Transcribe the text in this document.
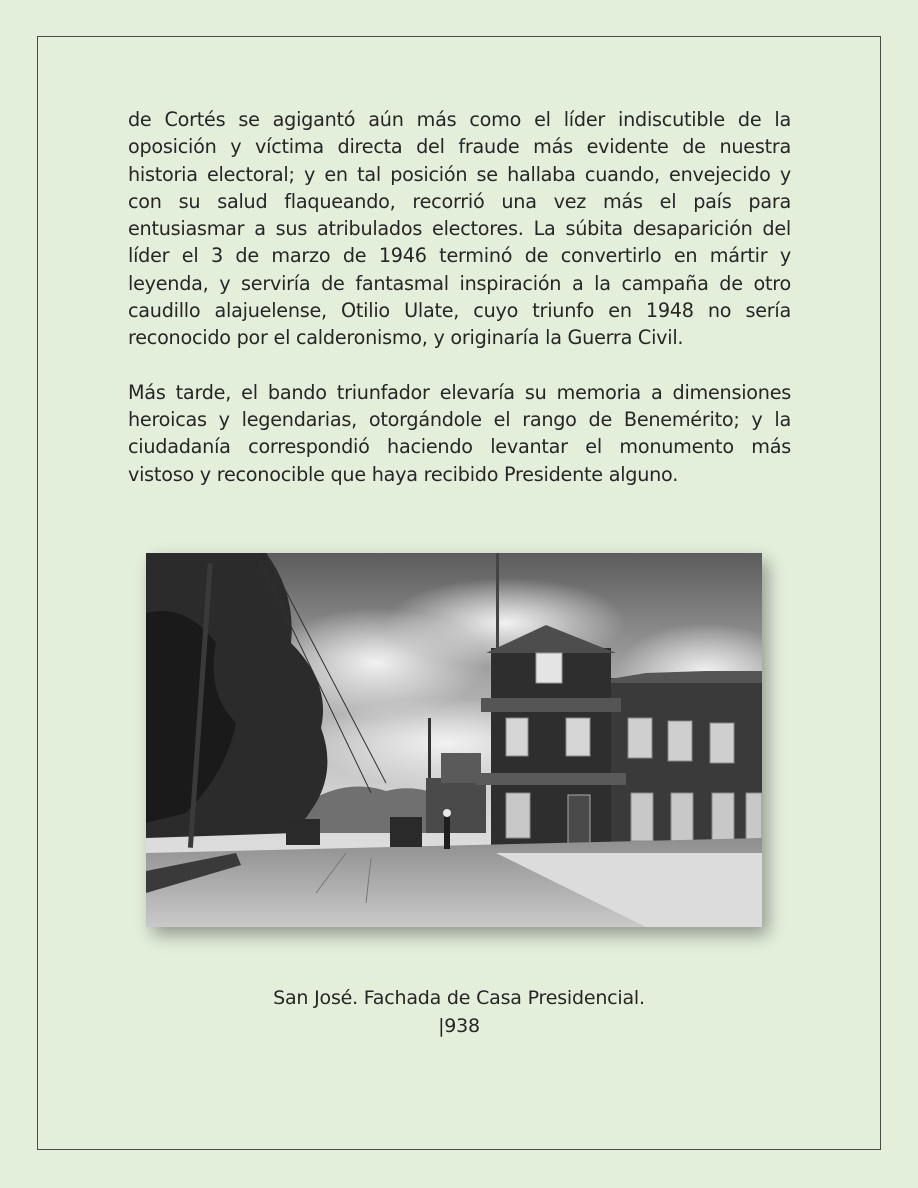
de Cortés se agigantó aún más como el líder indiscutible de la oposición y víctima directa del fraude más evidente de nuestra historia electoral; y en tal posición se hallaba cuando, envejecido y con su salud flaqueando, recorrió una vez más el país para entusiasmar a sus atribulados electores. La súbita desaparición del líder el 3 de marzo de 1946 terminó de convertirlo en mártir y leyenda, y serviría de fantasmal inspiración a la campaña de otro caudillo alajuelense, Otilio Ulate, cuyo triunfo en 1948 no sería reconocido por el calderonismo, y originaría la Guerra Civil.

Más tarde, el bando triunfador elevaría su memoria a dimensiones heroicas y legendarias, otorgándole el rango de Benemérito; y la ciudadanía correspondió haciendo levantar el monumento más vistoso y reconocible que haya recibido Presidente alguno.

San José. Fachada de Casa Presidencial.
|938
